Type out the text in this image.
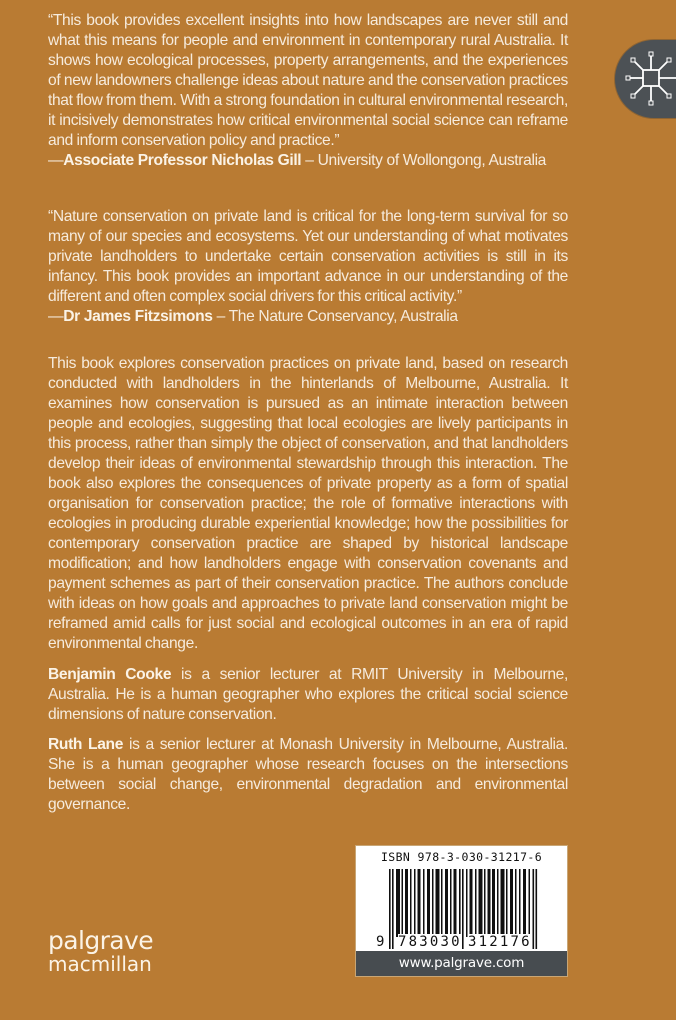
“This book provides excellent insights into how landscapes are never still and what this means for people and environment in contemporary rural Australia. It shows how ecological processes, property arrangements, and the experiences of new landowners challenge ideas about nature and the conservation practices that flow from them. With a strong foundation in cultural environmental research, it incisively demonstrates how critical environmental social science can reframe and inform conservation policy and practice.”

—Associate Professor Nicholas Gill – University of Wollongong, Australia

“Nature conservation on private land is critical for the long-term survival for so many of our species and ecosystems. Yet our understanding of what motivates private landholders to undertake certain conservation activities is still in its infancy. This book provides an important advance in our understanding of the different and often complex social drivers for this critical activity.”

—Dr James Fitzsimons – The Nature Conservancy, Australia

This book explores conservation practices on private land, based on research conducted with landholders in the hinterlands of Melbourne, Australia. It examines how conservation is pursued as an intimate interaction between people and ecologies, suggesting that local ecologies are lively participants in this process, rather than simply the object of conservation, and that landholders develop their ideas of environmental stewardship through this interaction. The book also explores the consequences of private property as a form of spatial organisation for conservation practice; the role of formative interactions with ecologies in producing durable experiential knowledge; how the possibilities for contemporary conservation practice are shaped by historical landscape modification; and how landholders engage with conservation covenants and payment schemes as part of their conservation practice. The authors conclude with ideas on how goals and approaches to private land conservation might be reframed amid calls for just social and ecological outcomes in an era of rapid environmental change.

Benjamin Cooke is a senior lecturer at RMIT University in Melbourne, Australia. He is a human geographer who explores the critical social science dimensions of nature conservation.

Ruth Lane is a senior lecturer at Monash University in Melbourne, Australia. She is a human geographer whose research focuses on the intersections between social change, environmental degradation and environmental governance.

ISBN 978-3-030-31217-6
9 783030 312176
www.palgrave.com
palgrave
macmillan
